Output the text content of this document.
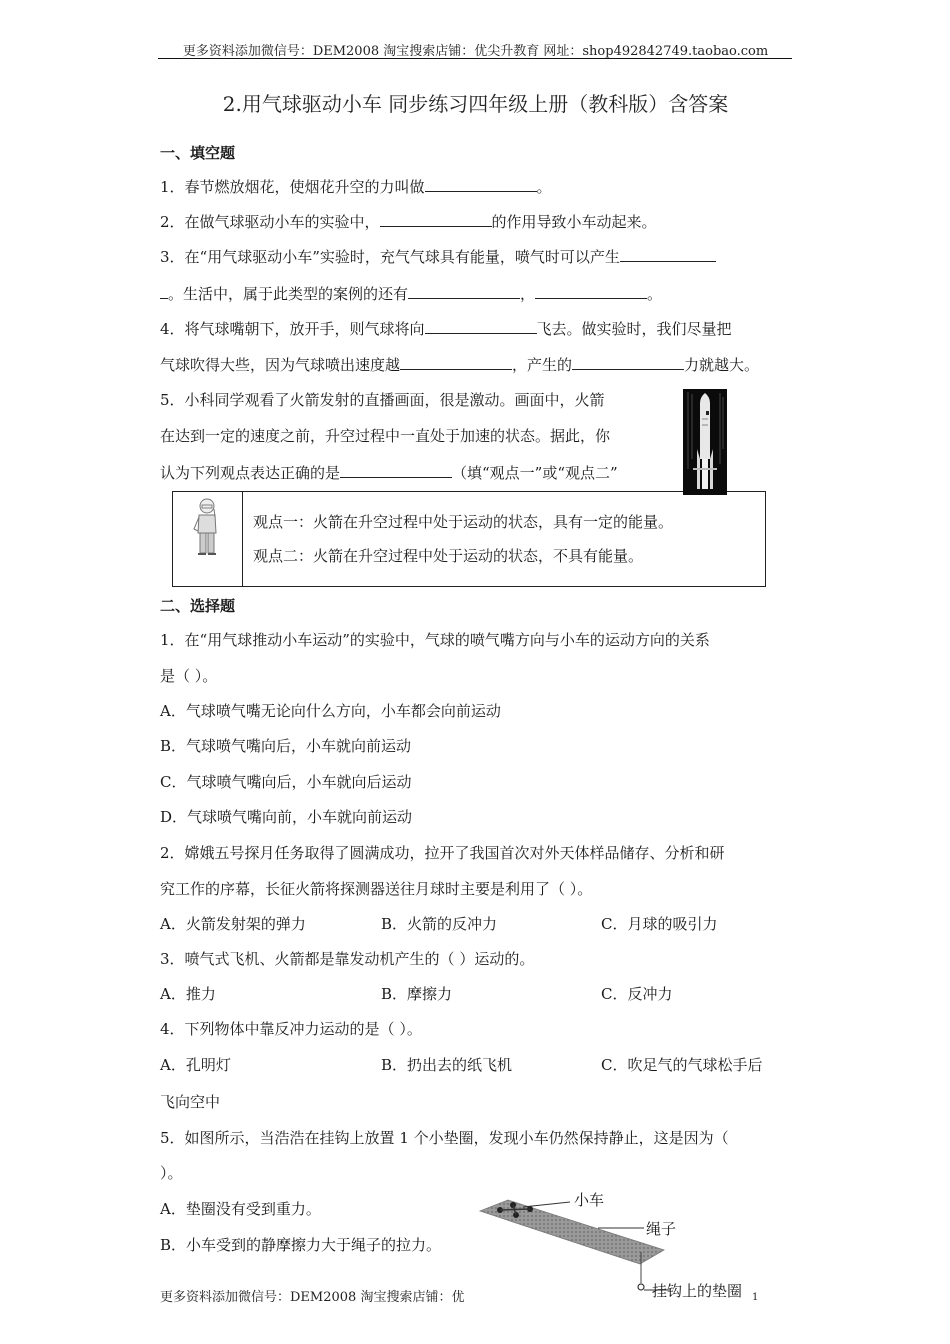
更多资料添加微信号：DEM2008 淘宝搜索店铺：优尖升教育 网址：shop492842749.taobao.com
2.用气球驱动小车 同步练习四年级上册（教科版）含答案
一、填空题
1．春节燃放烟花，使烟花升空的力叫做	。
2．在做气球驱动小车的实验中，	的作用导致小车动起来。
3．在“用气球驱动小车”实验时，充气气球具有能量，喷气时可以产生
。生活中，属于此类型的案例的还有	，	。
4．将气球嘴朝下，放开手，则气球将向	飞去。做实验时，我们尽量把
气球吹得大些，因为气球喷出速度越	，产生的	力就越大。
5．小科同学观看了火箭发射的直播画面，很是激动。画面中，火箭
在达到一定的速度之前，升空过程中一直处于加速的状态。据此，你
认为下列观点表达正确的是	（填“观点一”或“观点二”
观点一：火箭在升空过程中处于运动的状态，具有一定的能量。
观点二：火箭在升空过程中处于运动的状态，不具有能量。
二、选择题
1．在“用气球推动小车运动”的实验中，气球的喷气嘴方向与小车的运动方向的关系
是（ ）。
A．气球喷气嘴无论向什么方向，小车都会向前运动
B．气球喷气嘴向后，小车就向前运动
C．气球喷气嘴向后，小车就向后运动
D．气球喷气嘴向前，小车就向前运动
2．嫦娥五号探月任务取得了圆满成功，拉开了我国首次对外天体样品储存、分析和研
究工作的序幕，长征火箭将探测器送往月球时主要是利用了（ ）。
A．火箭发射架的弹力	B．火箭的反冲力	C．月球的吸引力
3．喷气式飞机、火箭都是靠发动机产生的（ ）运动的。
A．推力	B．摩擦力	C．反冲力
4．下列物体中靠反冲力运动的是（ ）。
A．孔明灯	B．扔出去的纸飞机	C．吹足气的气球松手后
飞向空中
5．如图所示，当浩浩在挂钩上放置 1 个小垫圈，发现小车仍然保持静止，这是因为（
）。
A．垫圈没有受到重力。
B．小车受到的静摩擦力大于绳子的拉力。
小车
绳子
挂钩上的垫圈
更多资料添加微信号：DEM2008 淘宝搜索店铺：优	1
